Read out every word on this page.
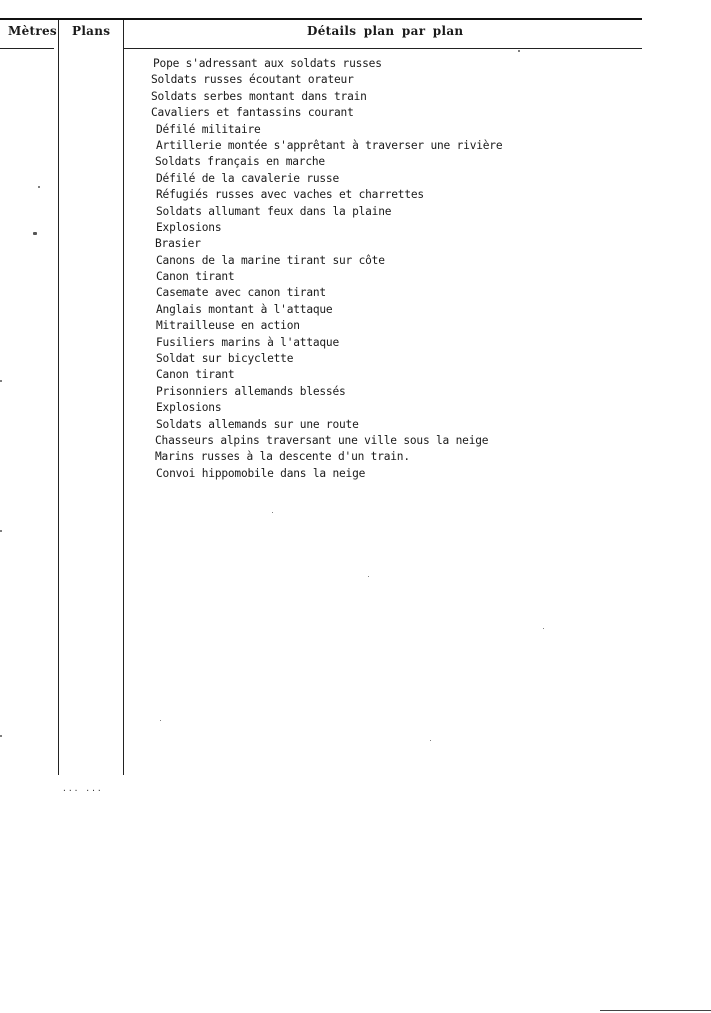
Mètres Plans	Détails plan par plan
Pope s'adressant aux soldats russes
Soldats russes écoutant orateur
Soldats serbes montant dans train
Cavaliers et fantassins courant
Défilé militaire
Artillerie montée s'apprêtant à traverser une rivière
Soldats français en marche
Défilé de la cavalerie russe
Réfugiés russes avec vaches et charrettes
Soldats allumant feux dans la plaine
Explosions
Brasier
Canons de la marine tirant sur côte
Canon tirant
Casemate avec canon tirant
Anglais montant à l'attaque
Mitrailleuse en action
Fusiliers marins à l'attaque
Soldat sur bicyclette
Canon tirant
Prisonniers allemands blessés
Explosions
Soldats allemands sur une route
Chasseurs alpins traversant une ville sous la neige
Marins russes à la descente d'un train.
Convoi hippomobile dans la neige
... ...
